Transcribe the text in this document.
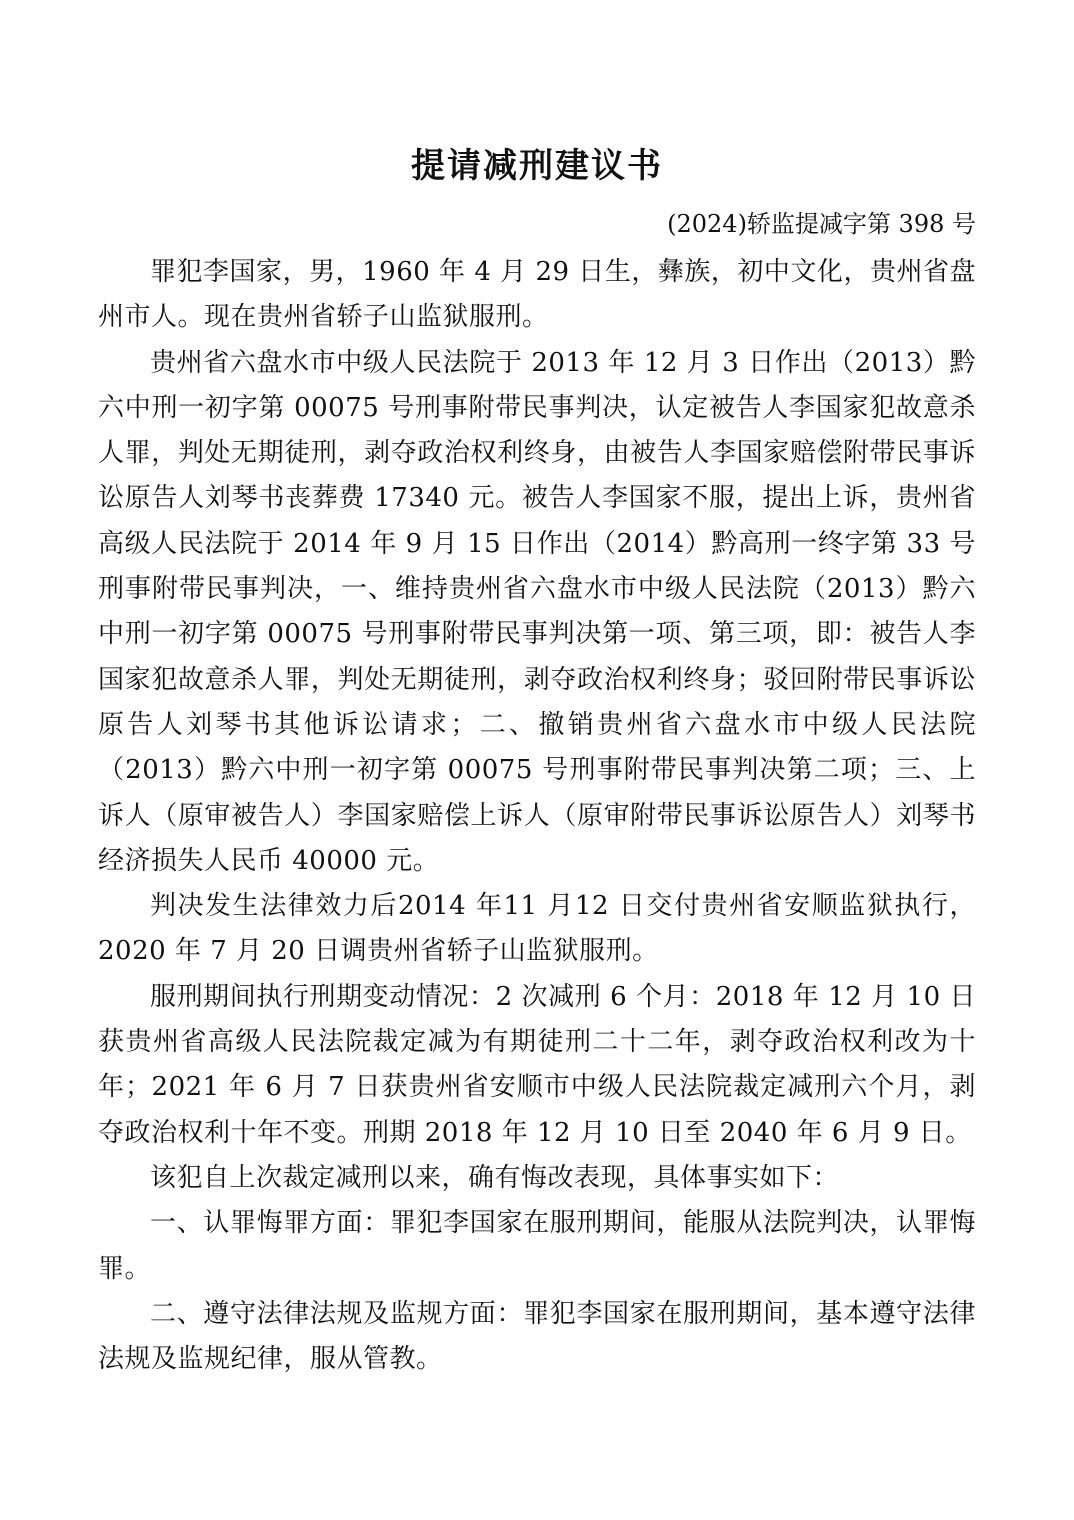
提请减刑建议书
(2024)轿监提减字第 398 号

罪犯李国家，男，1960 年 4 月 29 日生，彝族，初中文化，贵州省盘州市人。现在贵州省轿子山监狱服刑。

贵州省六盘水市中级人民法院于 2013 年 12 月 3 日作出（2013）黔六中刑一初字第 00075 号刑事附带民事判决，认定被告人李国家犯故意杀人罪，判处无期徒刑，剥夺政治权利终身，由被告人李国家赔偿附带民事诉讼原告人刘琴书丧葬费 17340 元。被告人李国家不服，提出上诉，贵州省高级人民法院于 2014 年 9 月 15 日作出（2014）黔高刑一终字第 33 号刑事附带民事判决，一、维持贵州省六盘水市中级人民法院（2013）黔六中刑一初字第 00075 号刑事附带民事判决第一项、第三项，即：被告人李国家犯故意杀人罪，判处无期徒刑，剥夺政治权利终身；驳回附带民事诉讼原告人刘琴书其他诉讼请求；二、撤销贵州省六盘水市中级人民法院（2013）黔六中刑一初字第 00075 号刑事附带民事判决第二项；三、上诉人（原审被告人）李国家赔偿上诉人（原审附带民事诉讼原告人）刘琴书经济损失人民币 40000 元。

判决发生法律效力后2014 年11 月12 日交付贵州省安顺监狱执行，2020 年 7 月 20 日调贵州省轿子山监狱服刑。

服刑期间执行刑期变动情况：2 次减刑 6 个月：2018 年 12 月 10 日获贵州省高级人民法院裁定减为有期徒刑二十二年，剥夺政治权利改为十年；2021 年 6 月 7 日获贵州省安顺市中级人民法院裁定减刑六个月，剥夺政治权利十年不变。刑期 2018 年 12 月 10 日至 2040 年 6 月 9 日。

该犯自上次裁定减刑以来，确有悔改表现，具体事实如下：

一、认罪悔罪方面：罪犯李国家在服刑期间，能服从法院判决，认罪悔罪。

二、遵守法律法规及监规方面：罪犯李国家在服刑期间，基本遵守法律法规及监规纪律，服从管教。
